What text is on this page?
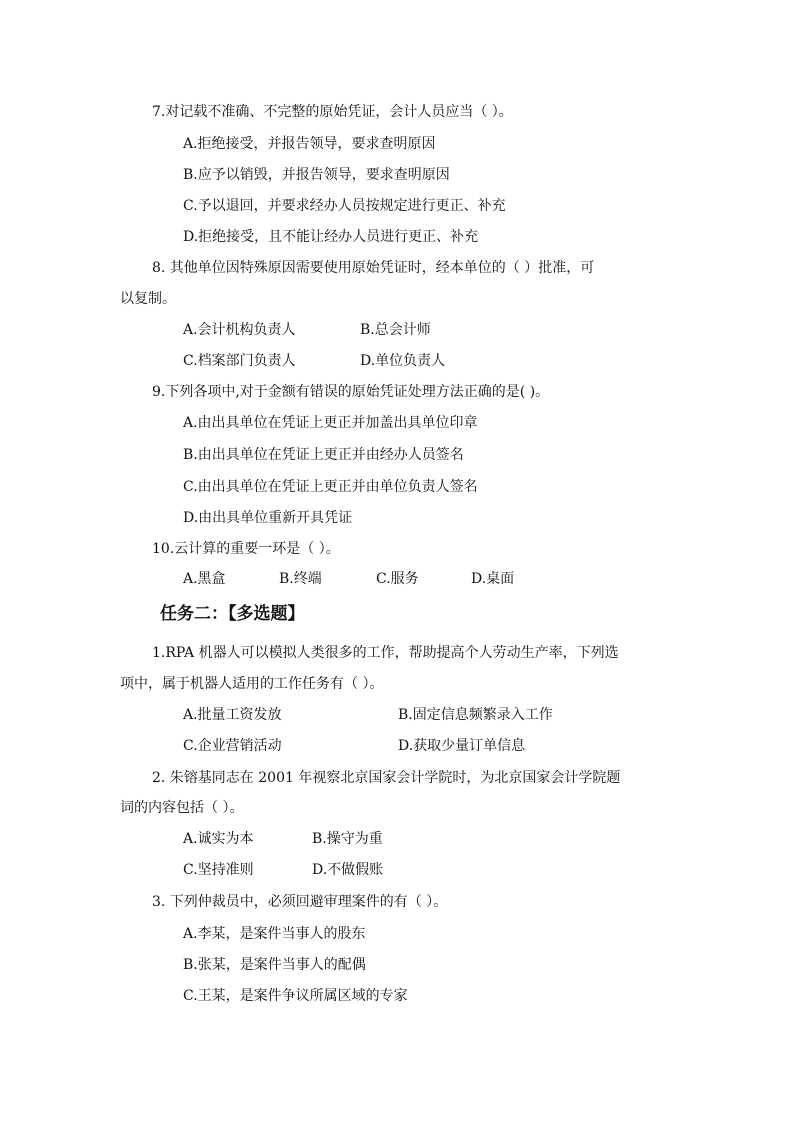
7.对记载不准确、不完整的原始凭证，会计人员应当（ ）。
A.拒绝接受，并报告领导，要求查明原因
B.应予以销毁，并报告领导，要求查明原因
C.予以退回，并要求经办人员按规定进行更正、补充
D.拒绝接受，且不能让经办人员进行更正、补充
8. 其他单位因特殊原因需要使用原始凭证时，经本单位的（ ）批准，可
以复制。
A.会计机构负责人	B.总会计师
C.档案部门负责人	D.单位负责人
9.下列各项中,对于金额有错误的原始凭证处理方法正确的是( )。
A.由出具单位在凭证上更正并加盖出具单位印章
B.由出具单位在凭证上更正并由经办人员签名
C.由出具单位在凭证上更正并由单位负责人签名
D.由出具单位重新开具凭证
10.云计算的重要一环是（ ）。
A.黑盒	B.终端	C.服务	D.桌面
任务二：【多选题】
1.RPA 机器人可以模拟人类很多的工作，帮助提高个人劳动生产率，下列选
项中，属于机器人适用的工作任务有（ ）。
A.批量工资发放	B.固定信息频繁录入工作
C.企业营销活动	D.获取少量订单信息
2. 朱镕基同志在 2001 年视察北京国家会计学院时，为北京国家会计学院题
词的内容包括（ ）。
A.诚实为本	B.操守为重
C.坚持准则	D.不做假账
3. 下列仲裁员中，必须回避审理案件的有（ ）。
A.李某，是案件当事人的股东
B.张某，是案件当事人的配偶
C.王某，是案件争议所属区域的专家
